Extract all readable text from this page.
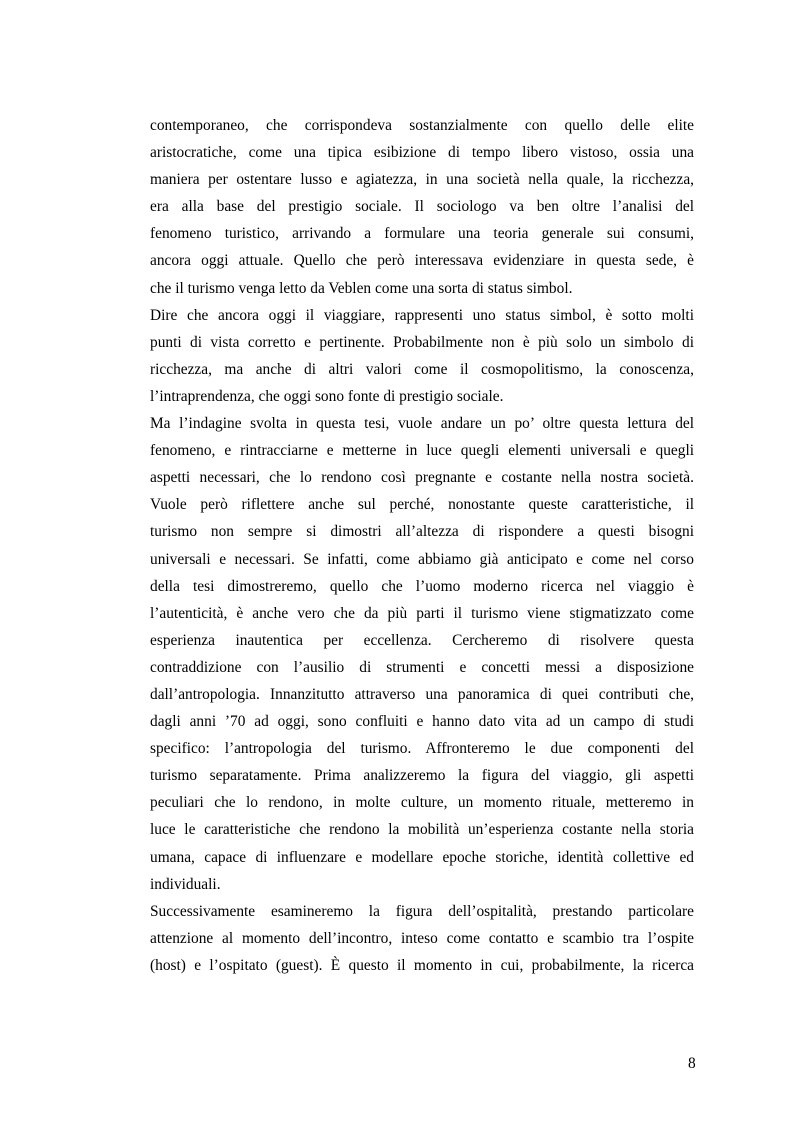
contemporaneo, che corrispondeva sostanzialmente con quello delle elite
aristocratiche, come una tipica esibizione di tempo libero vistoso, ossia una
maniera per ostentare lusso e agiatezza, in una società nella quale, la ricchezza,
era alla base del prestigio sociale. Il sociologo va ben oltre l’analisi del
fenomeno turistico, arrivando a formulare una teoria generale sui consumi,
ancora oggi attuale. Quello che però interessava evidenziare in questa sede, è
che il turismo venga letto da Veblen come una sorta di status simbol.

Dire che ancora oggi il viaggiare, rappresenti uno status simbol, è sotto molti
punti di vista corretto e pertinente. Probabilmente non è più solo un simbolo di
ricchezza, ma anche di altri valori come il cosmopolitismo, la conoscenza,
l’intraprendenza, che oggi sono fonte di prestigio sociale.

Ma l’indagine svolta in questa tesi, vuole andare un po’ oltre questa lettura del
fenomeno, e rintracciarne e metterne in luce quegli elementi universali e quegli
aspetti necessari, che lo rendono così pregnante e costante nella nostra società.
Vuole però riflettere anche sul perché, nonostante queste caratteristiche, il
turismo non sempre si dimostri all’altezza di rispondere a questi bisogni
universali e necessari. Se infatti, come abbiamo già anticipato e come nel corso
della tesi dimostreremo, quello che l’uomo moderno ricerca nel viaggio è
l’autenticità, è anche vero che da più parti il turismo viene stigmatizzato come
esperienza inautentica per eccellenza. Cercheremo di risolvere questa
contraddizione con l’ausilio di strumenti e concetti messi a disposizione
dall’antropologia. Innanzitutto attraverso una panoramica di quei contributi che,
dagli anni ’70 ad oggi, sono confluiti e hanno dato vita ad un campo di studi
specifico: l’antropologia del turismo. Affronteremo le due componenti del
turismo separatamente. Prima analizzeremo la figura del viaggio, gli aspetti
peculiari che lo rendono, in molte culture, un momento rituale, metteremo in
luce le caratteristiche che rendono la mobilità un’esperienza costante nella storia
umana, capace di influenzare e modellare epoche storiche, identità collettive ed
individuali.

Successivamente esamineremo la figura dell’ospitalità, prestando particolare
attenzione al momento dell’incontro, inteso come contatto e scambio tra l’ospite
(host) e l’ospitato (guest). È questo il momento in cui, probabilmente, la ricerca

8
